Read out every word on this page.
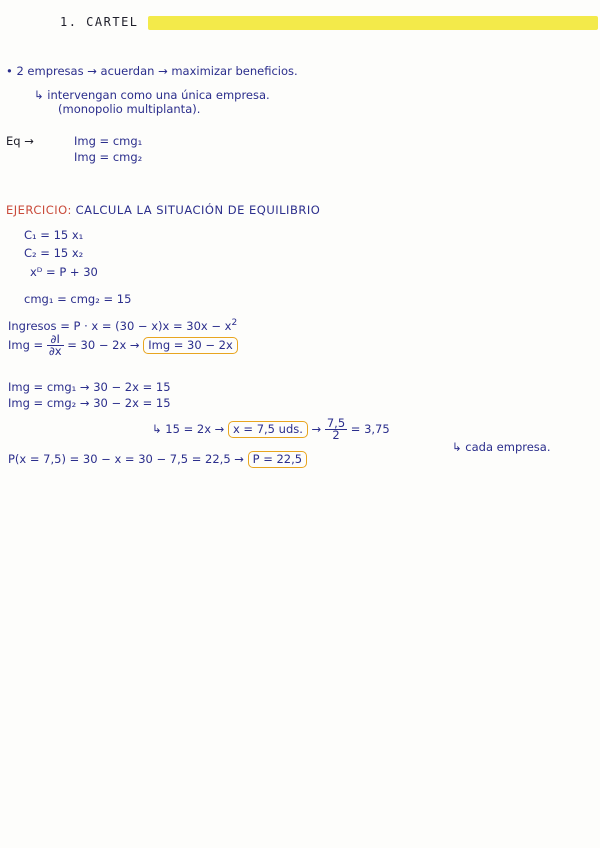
1. CARTEL
• 2 empresas → acuerdan → maximizar beneficios.
↳ intervengan como una única empresa.
(monopolio multiplanta).
Eq →	Img = cmg₁
Img = cmg₂
EJERCICIO: CALCULA LA SITUACIÓN DE EQUILIBRIO
C₁ = 15 x₁
C₂ = 15 x₂
xᴰ = P + 30
cmg₁ = cmg₂ = 15
Ingresos = $P \cdot x = (30 - x)x = 30x - x^2$
Img = $\frac{\partial I}{\partial x} = 30 - 2x$ → Img = 30 − 2x
Img = cmg₁ → 30 − 2x = 15
Img = cmg₂ → 30 − 2x = 15
↳ 15 = 2x → x = 7,5 uds. → $\frac{7,5}{2} = 3,75$
↳ cada empresa.
P(x = 7,5) = 30 − x = 30 − 7,5 = 22,5 → P = 22,5
